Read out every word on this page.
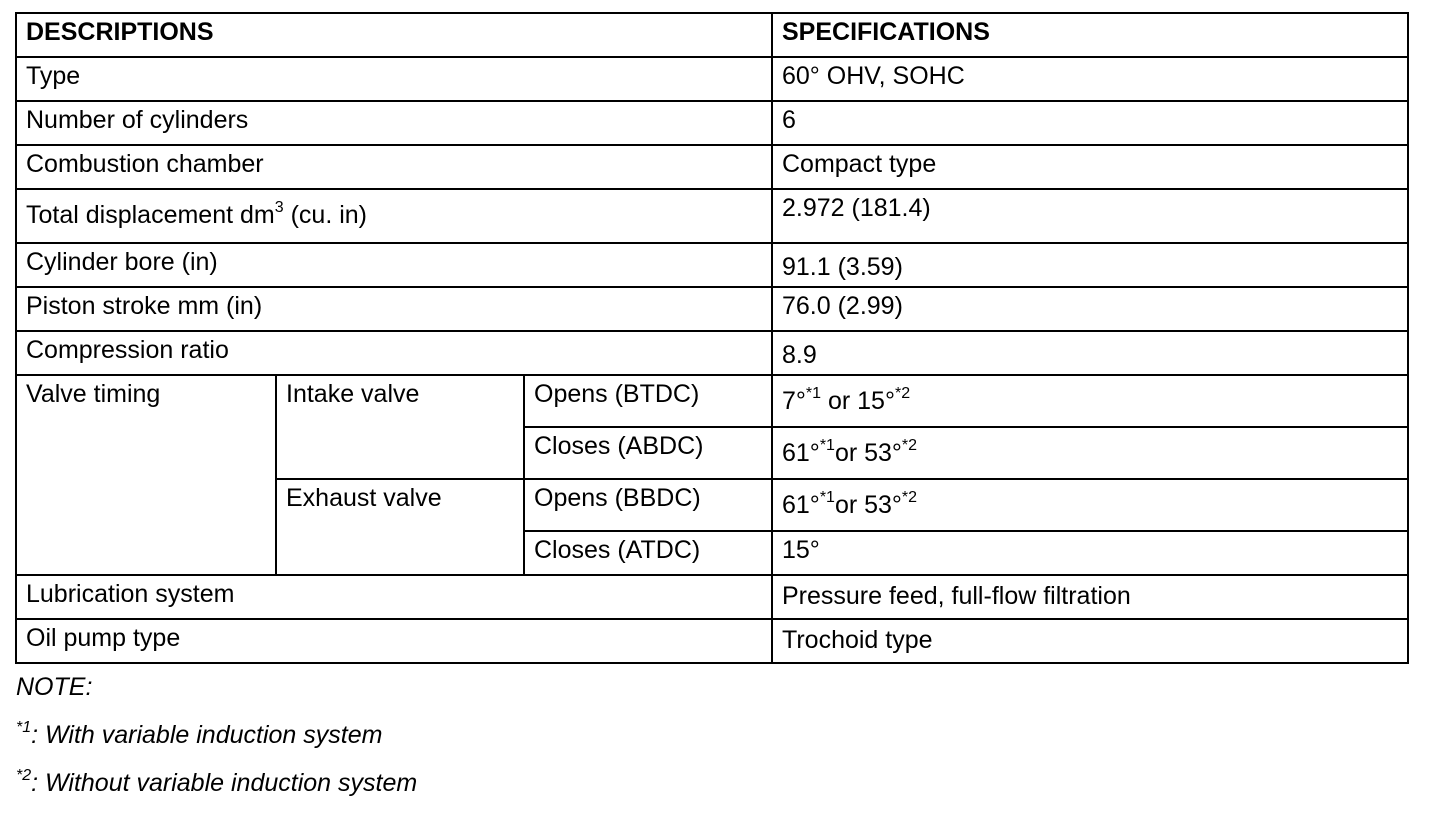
DESCRIPTIONS			SPECIFICATIONS
Type			60° OHV, SOHC
Number of cylinders			6
Combustion chamber			Compact type
Total displacement $dm^3$ (cu. in)			2.972 (181.4)
Cylinder bore (in)			91.1 (3.59)
Piston stroke mm (in)			76.0 (2.99)
Compression ratio			8.9
Valve timing	Intake valve	Opens (BTDC)	7°$^{*1}$ or 15°$^{*2}$
		Closes (ABDC)	61°$^{*1}$or 53°$^{*2}$
	Exhaust valve	Opens (BBDC)	61°$^{*1}$or 53°$^{*2}$
		Closes (ATDC)	15°
Lubrication system			Pressure feed, full-flow filtration
Oil pump type			Trochoid type
NOTE:
$^{*1}$: With variable induction system
$^{*2}$: Without variable induction system
